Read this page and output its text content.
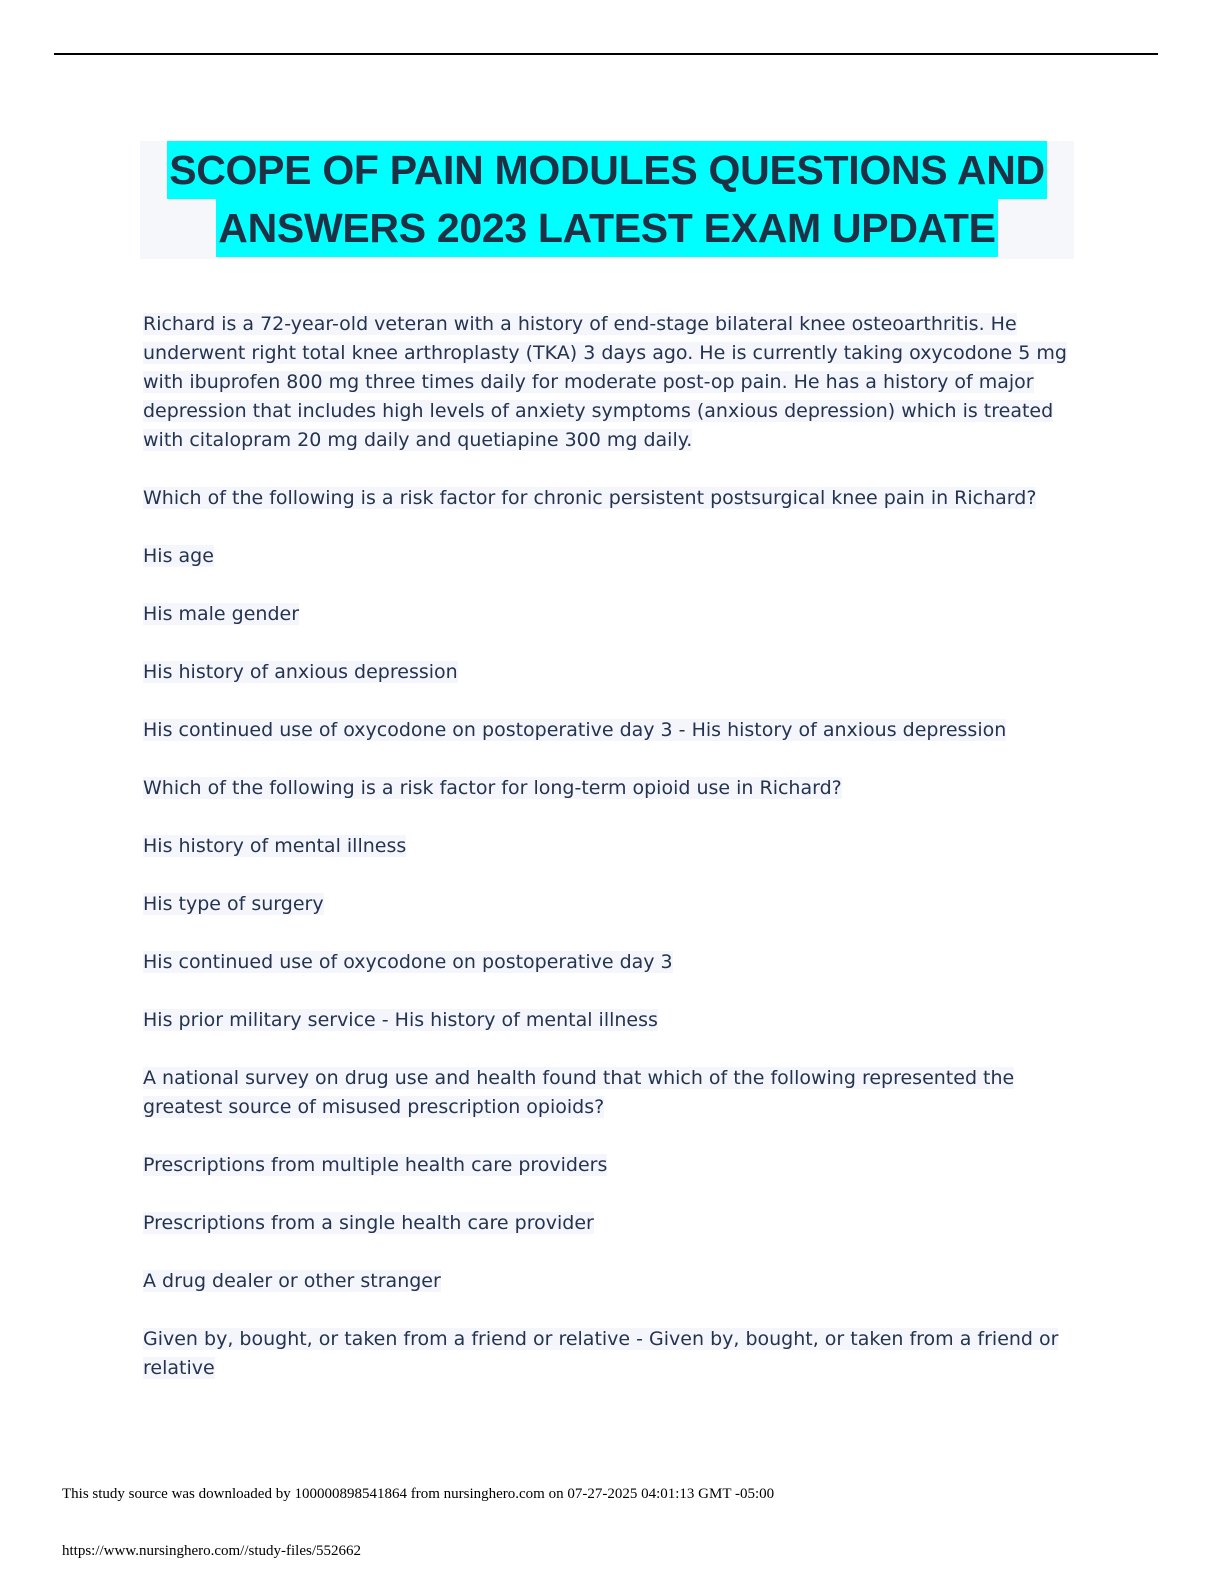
SCOPE OF PAIN MODULES QUESTIONS AND
ANSWERS 2023 LATEST EXAM UPDATE

Richard is a 72-year-old veteran with a history of end-stage bilateral knee osteoarthritis. He underwent right total knee arthroplasty (TKA) 3 days ago. He is currently taking oxycodone 5 mg with ibuprofen 800 mg three times daily for moderate post-op pain. He has a history of major depression that includes high levels of anxiety symptoms (anxious depression) which is treated with citalopram 20 mg daily and quetiapine 300 mg daily.

Which of the following is a risk factor for chronic persistent postsurgical knee pain in Richard?

His age

His male gender

His history of anxious depression

His continued use of oxycodone on postoperative day 3 - His history of anxious depression

Which of the following is a risk factor for long-term opioid use in Richard?

His history of mental illness

His type of surgery

His continued use of oxycodone on postoperative day 3

His prior military service - His history of mental illness

A national survey on drug use and health found that which of the following represented the greatest source of misused prescription opioids?

Prescriptions from multiple health care providers

Prescriptions from a single health care provider

A drug dealer or other stranger

Given by, bought, or taken from a friend or relative - Given by, bought, or taken from a friend or relative

This study source was downloaded by 100000898541864 from nursinghero.com on 07-27-2025 04:01:13 GMT -05:00
https://www.nursinghero.com//study-files/552662
